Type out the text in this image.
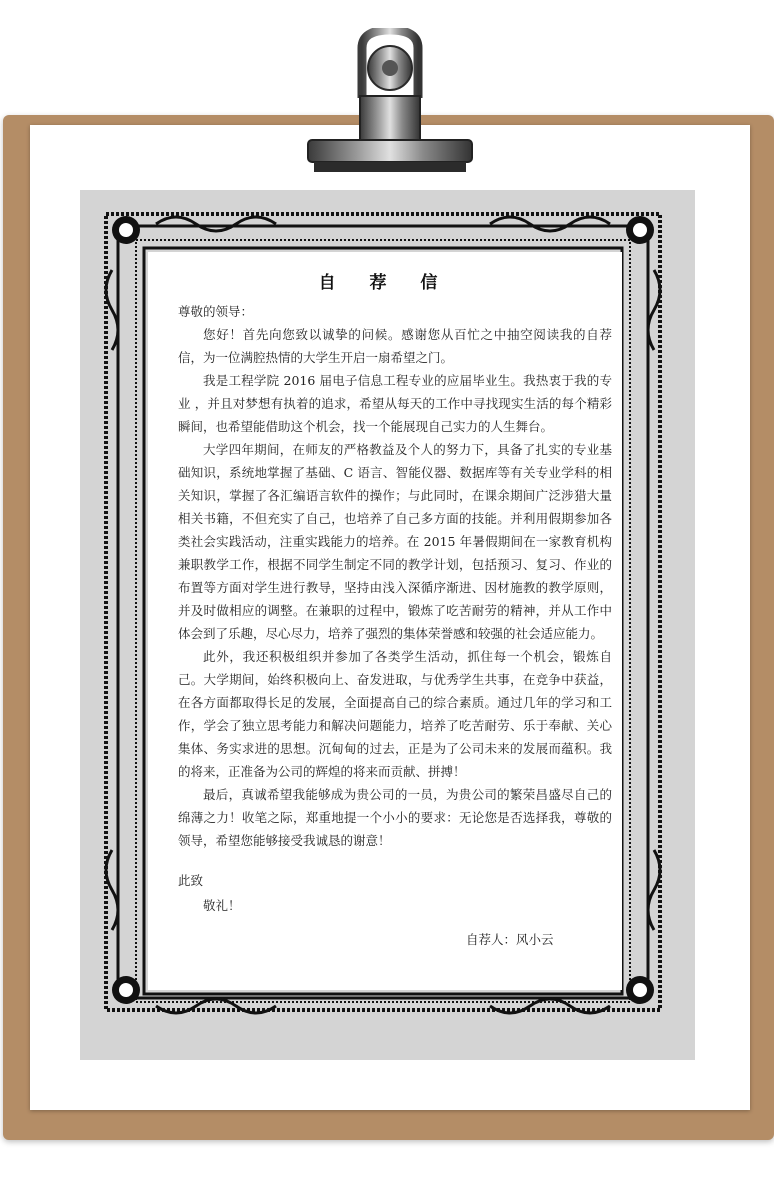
自 荐 信

尊敬的领导：

您好！首先向您致以诚挚的问候。感谢您从百忙之中抽空阅读我的自荐信，为一位满腔热情的大学生开启一扇希望之门。

我是工程学院 2016 届电子信息工程专业的应届毕业生。我热衷于我的专业 ，并且对梦想有执着的追求，希望从每天的工作中寻找现实生活的每个精彩瞬间，也希望能借助这个机会，找一个能展现自己实力的人生舞台。

大学四年期间，在师友的严格教益及个人的努力下，具备了扎实的专业基础知识，系统地掌握了基础、C 语言、智能仪器、数据库等有关专业学科的相关知识，掌握了各汇编语言软件的操作；与此同时，在课余期间广泛涉猎大量相关书籍，不但充实了自己，也培养了自己多方面的技能。并利用假期参加各类社会实践活动，注重实践能力的培养。在 2015 年暑假期间在一家教育机构兼职教学工作，根据不同学生制定不同的教学计划，包括预习、复习、作业的布置等方面对学生进行教导，坚持由浅入深循序渐进、因材施教的教学原则，并及时做相应的调整。在兼职的过程中，锻炼了吃苦耐劳的精神，并从工作中体会到了乐趣，尽心尽力，培养了强烈的集体荣誉感和较强的社会适应能力。

此外，我还积极组织并参加了各类学生活动，抓住每一个机会，锻炼自己。大学期间，始终积极向上、奋发进取，与优秀学生共事，在竞争中获益，在各方面都取得长足的发展，全面提高自己的综合素质。通过几年的学习和工作，学会了独立思考能力和解决问题能力，培养了吃苦耐劳、乐于奉献、关心集体、务实求进的思想。沉甸甸的过去，正是为了公司未来的发展而蕴积。我的将来，正准备为公司的辉煌的将来而贡献、拼搏！

最后，真诚希望我能够成为贵公司的一员，为贵公司的繁荣昌盛尽自己的绵薄之力！收笔之际，郑重地提一个小小的要求：无论您是否选择我，尊敬的领导，希望您能够接受我诚恳的谢意！

此致
敬礼！
自荐人：风小云
